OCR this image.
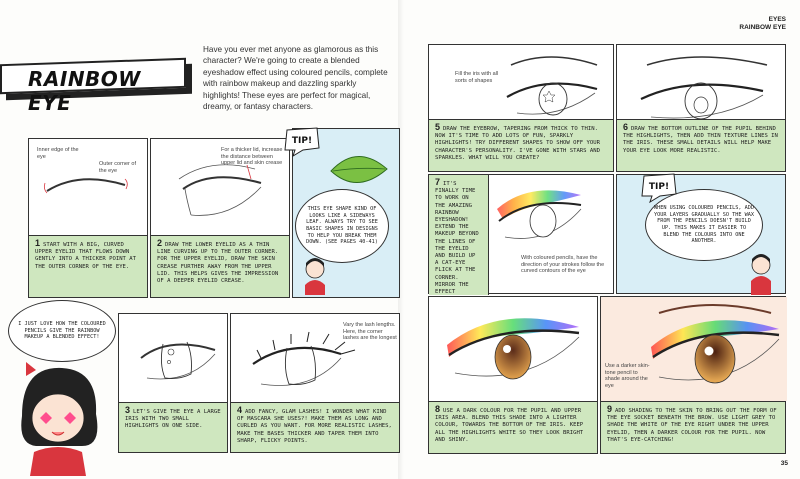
RAINBOW EYE
Have you ever met anyone as glamorous as this character? We're going to create a blended eyeshadow effect using coloured pencils, complete with rainbow makeup and dazzling sparkly highlights! These eyes are perfect for magical, dreamy, or fantasy characters.
EYES
RAINBOW EYE
35
Inner edge of the eye
Outer corner of the eye
1 START WITH A BIG, CURVED UPPER EYELID THAT FLOWS DOWN GENTLY INTO A THICKER POINT AT THE OUTER CORNER OF THE EYE.
For a thicker lid, increase the distance between upper lid and skin crease
2 DRAW THE LOWER EYELID AS A THIN LINE CURVING UP TO THE OUTER CORNER. FOR THE UPPER EYELID, DRAW THE SKIN CREASE FURTHER AWAY FROM THE UPPER LID. THIS HELPS GIVES THE IMPRESSION OF A DEEPER EYELID CREASE.
THIS EYE SHAPE KIND OF LOOKS LIKE A SIDEWAYS LEAF. ALWAYS TRY TO SEE BASIC SHAPES IN DESIGNS TO HELP YOU BREAK THEM DOWN. (SEE PAGES 40-41)
TIP!
I JUST LOVE HOW THE COLOURED PENCILS GIVE THE RAINBOW MAKEUP A BLENDED EFFECT!
3 LET'S GIVE THE EYE A LARGE IRIS WITH TWO SMALL HIGHLIGHTS ON ONE SIDE.
Vary the lash lengths. Here, the corner lashes are the longest
4 ADD FANCY, GLAM LASHES! I WONDER WHAT KIND OF MASCARA SHE USES?! MAKE THEM AS LONG AND CURLED AS YOU WANT. FOR MORE REALISTIC LASHES, MAKE THE BASES THICKER AND TAPER THEM INTO SHARP, FLICKY POINTS.
Fill the iris with all sorts of shapes
5 DRAW THE EYEBROW, TAPERING FROM THICK TO THIN. NOW IT'S TIME TO ADD LOTS OF FUN, SPARKLY HIGHLIGHTS! TRY DIFFERENT SHAPES TO SHOW OFF YOUR CHARACTER'S PERSONALITY. I'VE GONE WITH STARS AND SPARKLES. WHAT WILL YOU CREATE?
6 DRAW THE BOTTOM OUTLINE OF THE PUPIL BEHIND THE HIGHLIGHTS, THEN ADD THIN TEXTURE LINES IN THE IRIS. THESE SMALL DETAILS WILL HELP MAKE YOUR EYE LOOK MORE REALISTIC.
7 IT'S FINALLY TIME TO WORK ON THE AMAZING RAINBOW EYESHADOW! EXTEND THE MAKEUP BEYOND THE LINES OF THE EYELID AND BUILD UP A CAT-EYE FLICK AT THE CORNER. MIRROR THE EFFECT
With coloured pencils, have the direction of your strokes follow the curved contours of the eye
WHEN USING COLOURED PENCILS, ADD YOUR LAYERS GRADUALLY SO THE WAX FROM THE PENCILS DOESN'T BUILD UP. THIS MAKES IT EASIER TO BLEND THE COLOURS INTO ONE ANOTHER.
TIP!
8 USE A DARK COLOUR FOR THE PUPIL AND UPPER IRIS AREA. BLEND THIS SHADE INTO A LIGHTER COLOUR, TOWARDS THE BOTTOM OF THE IRIS. KEEP ALL THE HIGHLIGHTS WHITE SO THEY LOOK BRIGHT AND SHINY.
Use a darker skin-tone pencil to shade around the eye
9 ADD SHADING TO THE SKIN TO BRING OUT THE FORM OF THE EYE SOCKET BENEATH THE BROW. USE LIGHT GREY TO SHADE THE WHITE OF THE EYE RIGHT UNDER THE UPPER EYELID, THEN A DARKER COLOUR FOR THE PUPIL. NOW THAT'S EYE-CATCHING!
